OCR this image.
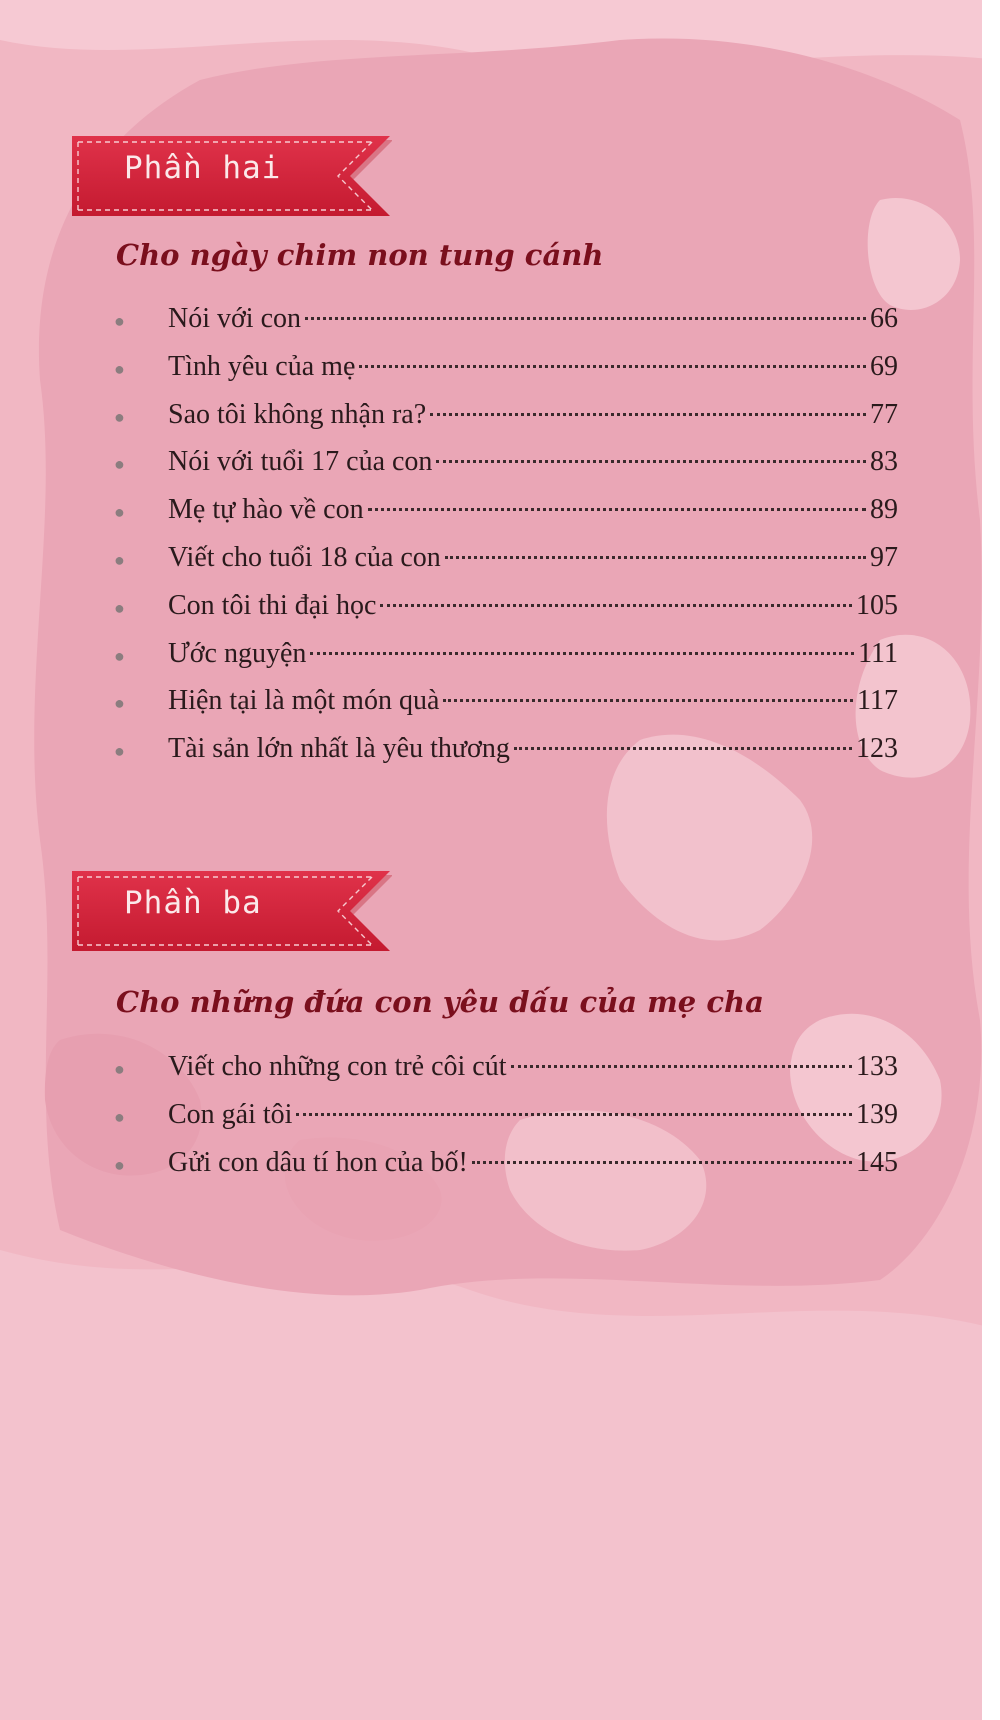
Phần hai
Cho ngày chim non tung cánh
●	Nói với con	66
●	Tình yêu của mẹ	69
●	Sao tôi không nhận ra?	77
●	Nói với tuổi 17 của con	83
●	Mẹ tự hào về con	89
●	Viết cho tuổi 18 của con	97
●	Con tôi thi đại học	105
●	Ước nguyện	111
●	Hiện tại là một món quà	117
●	Tài sản lớn nhất là yêu thương	123
Phần ba
Cho những đứa con yêu dấu của mẹ cha
●	Viết cho những con trẻ côi cút	133
●	Con gái tôi	139
●	Gửi con dâu tí hon của bố!	145
